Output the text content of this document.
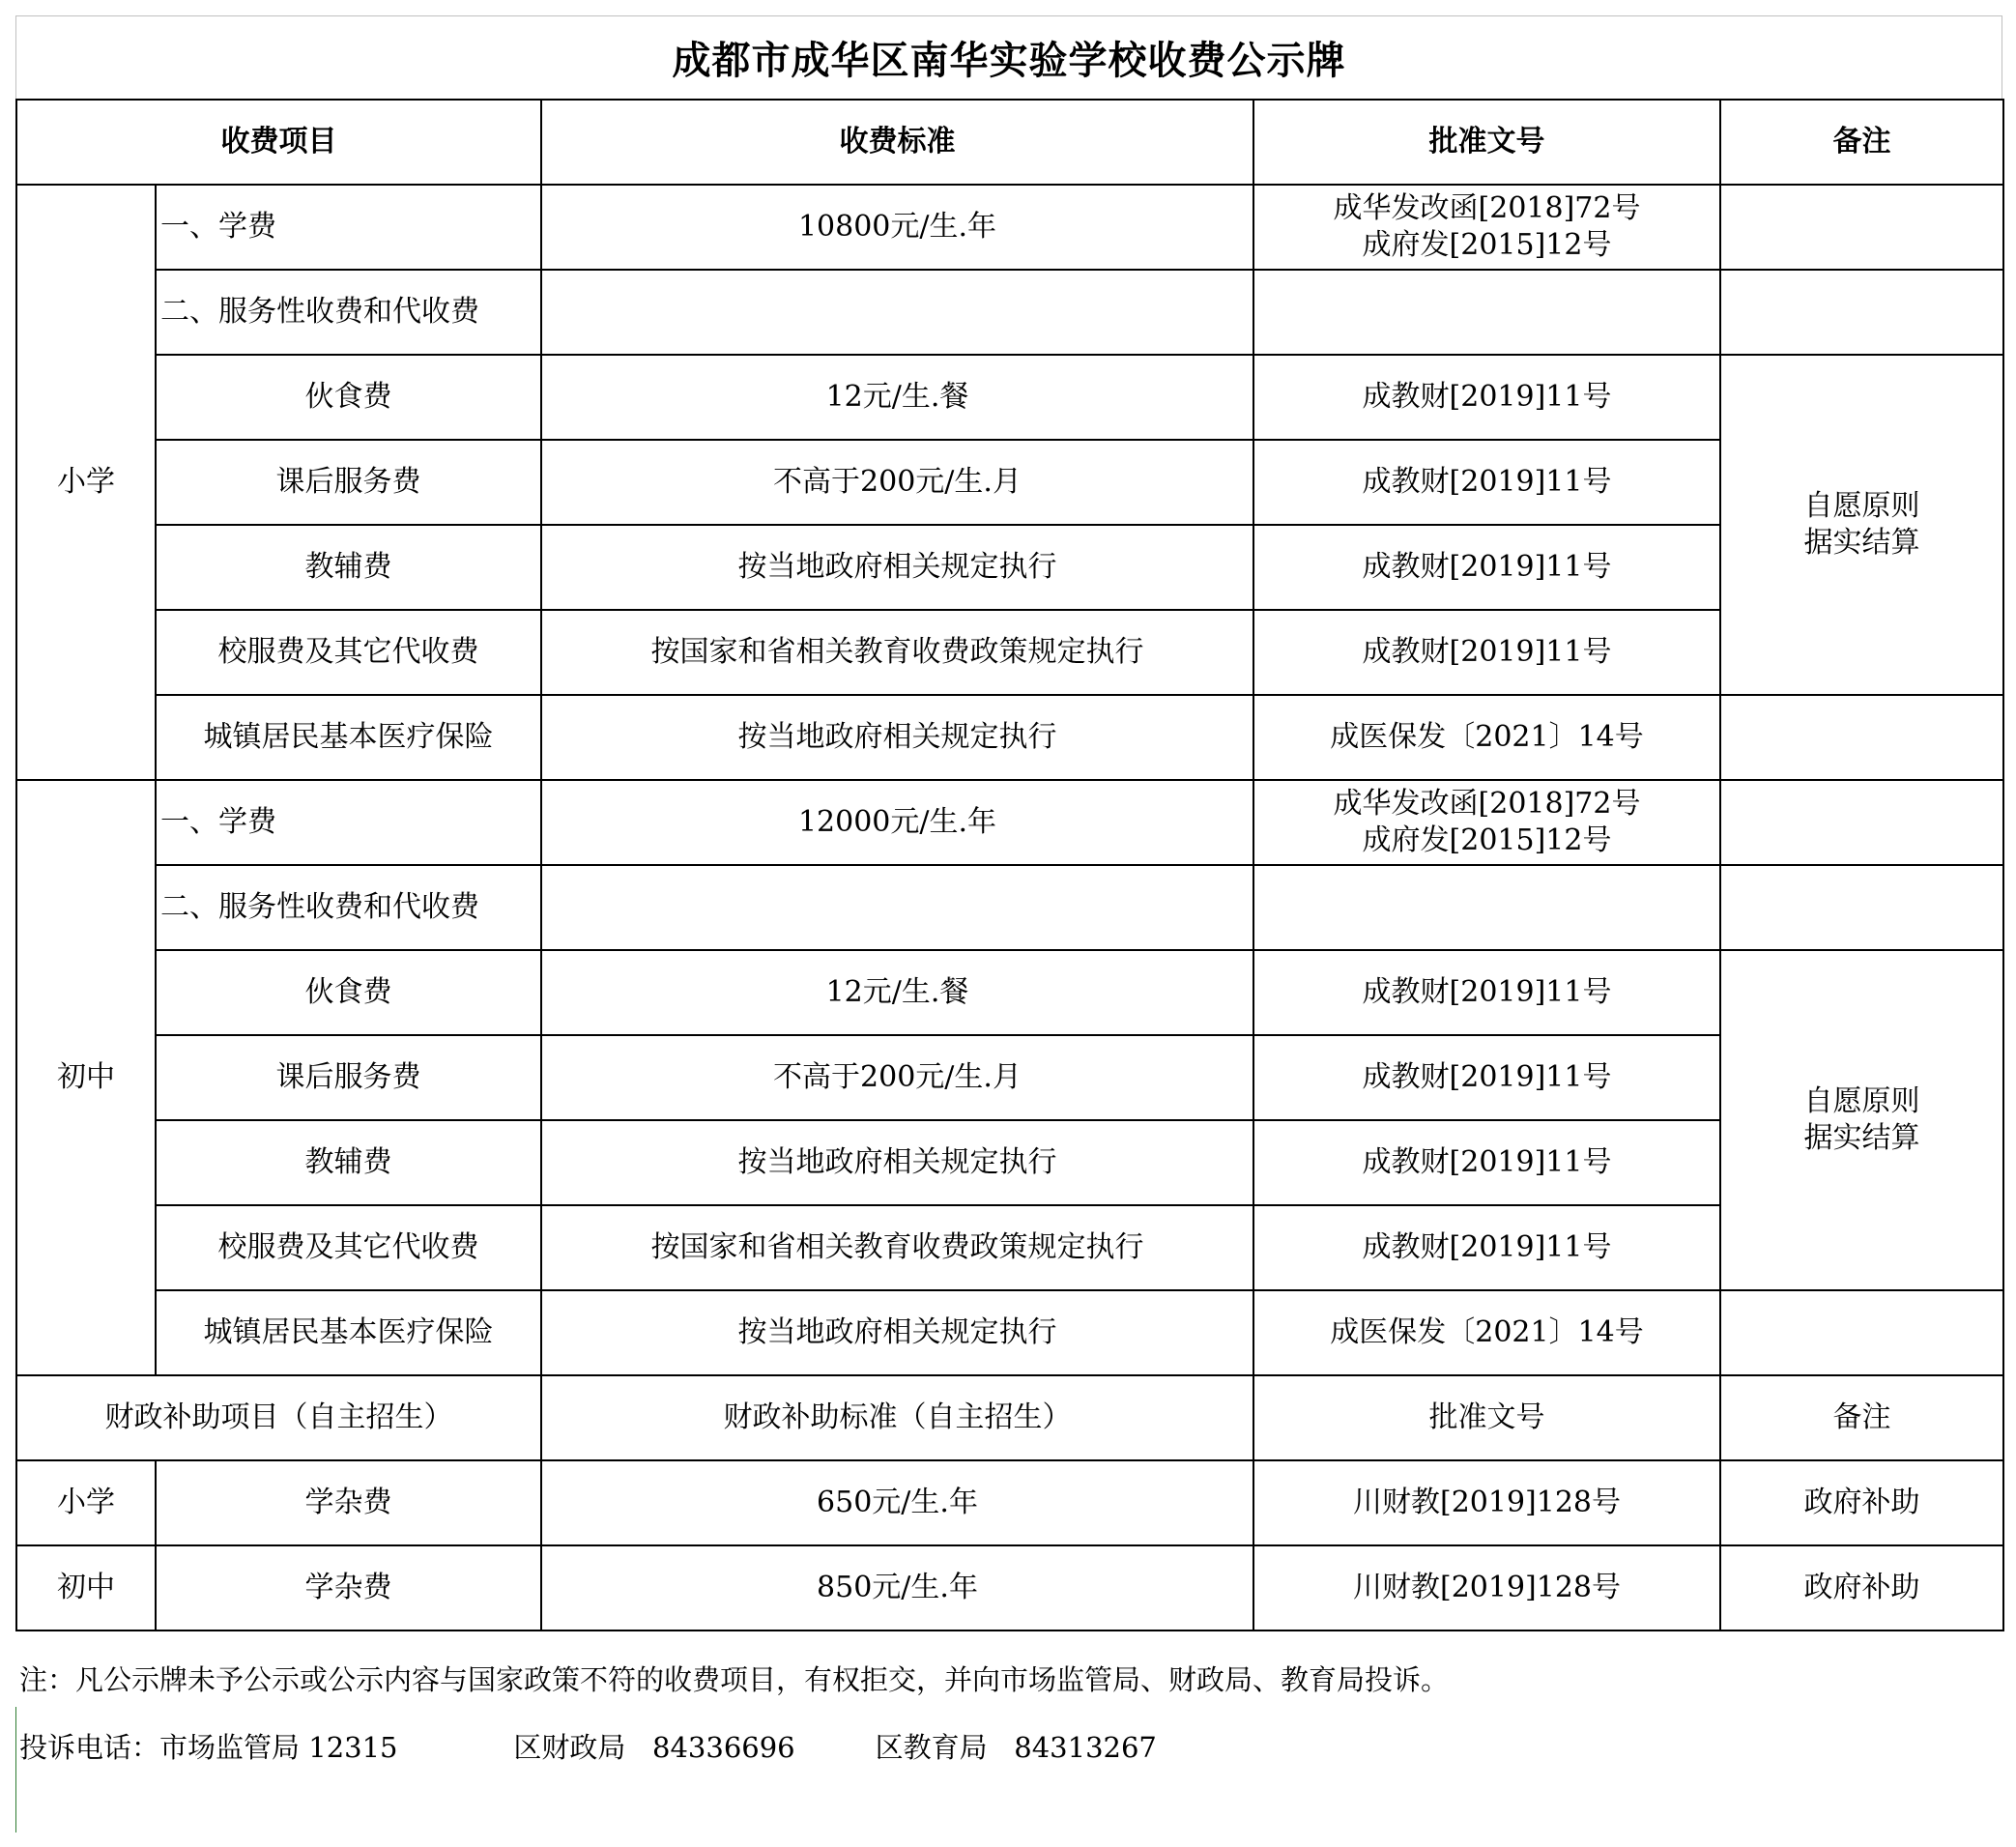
成都市成华区南华实验学校收费公示牌
收费项目		收费标准	批准文号	备注
小学	一、学费	10800元/生.年	成华发改函[2018]72号
成府发[2015]12号	

	二、服务性收费和代收费			
	伙食费	12元/生.餐	成教财[2019]11号	自愿原则
据实结算

	课后服务费	不高于200元/生.月	成教财[2019]11号	
	教辅费	按当地政府相关规定执行	成教财[2019]11号	
	校服费及其它代收费	按国家和省相关教育收费政策规定执行	成教财[2019]11号	
	城镇居民基本医疗保险	按当地政府相关规定执行	成医保发〔2021〕14号	
初中	一、学费	12000元/生.年	成华发改函[2018]72号
成府发[2015]12号	

	二、服务性收费和代收费			
	伙食费	12元/生.餐	成教财[2019]11号	自愿原则
据实结算

	课后服务费	不高于200元/生.月	成教财[2019]11号	
	教辅费	按当地政府相关规定执行	成教财[2019]11号	
	校服费及其它代收费	按国家和省相关教育收费政策规定执行	成教财[2019]11号	
	城镇居民基本医疗保险	按当地政府相关规定执行	成医保发〔2021〕14号	
财政补助项目（自主招生）		财政补助标准（自主招生）	批准文号	备注
小学	学杂费	650元/生.年	川财教[2019]128号	政府补助
初中	学杂费	850元/生.年	川财教[2019]128号	政府补助
注：凡公示牌未予公示或公示内容与国家政策不符的收费项目，有权拒交，并向市场监管局、财政局、教育局投诉。
投诉电话：市场监管局 12315	区财政局 84336696	区教育局 84313267
